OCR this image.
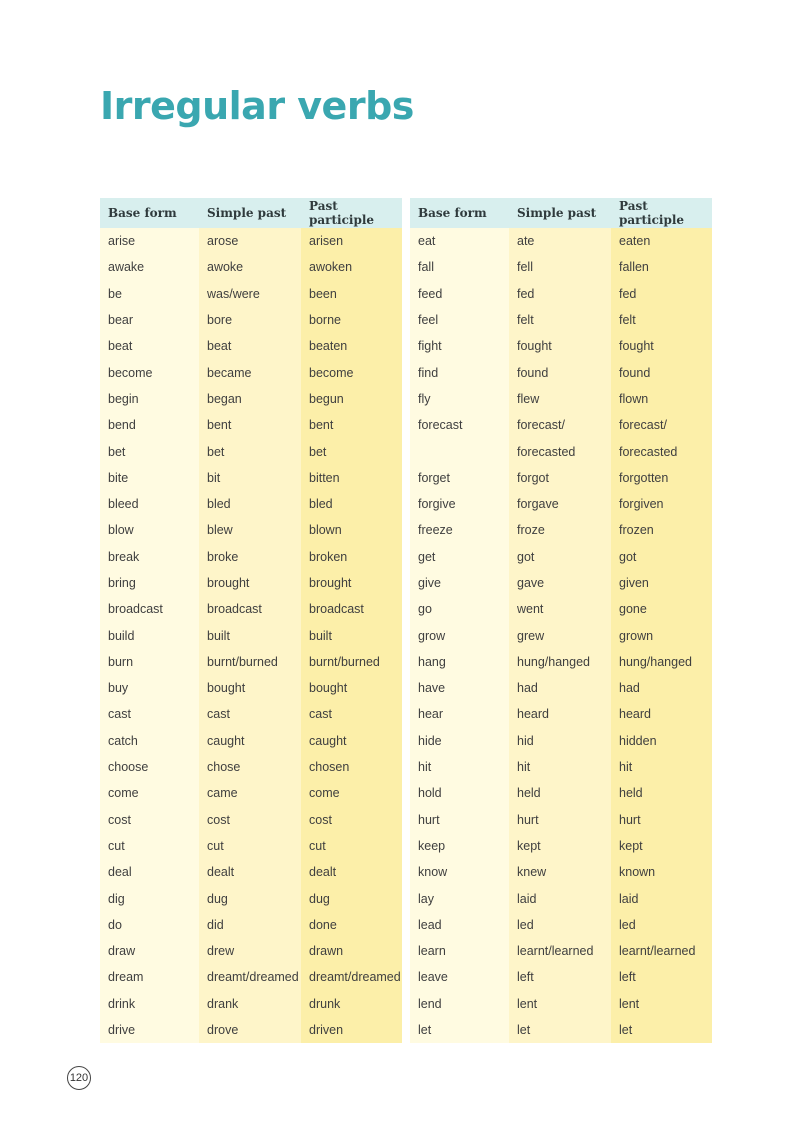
Irregular verbs
Base form	Simple past	Past participle
arise	arose	arisen
awake	awoke	awoken
be	was/were	been
bear	bore	borne
beat	beat	beaten
become	became	become
begin	began	begun
bend	bent	bent
bet	bet	bet
bite	bit	bitten
bleed	bled	bled
blow	blew	blown
break	broke	broken
bring	brought	brought
broadcast	broadcast	broadcast
build	built	built
burn	burnt/burned	burnt/burned
buy	bought	bought
cast	cast	cast
catch	caught	caught
choose	chose	chosen
come	came	come
cost	cost	cost
cut	cut	cut
deal	dealt	dealt
dig	dug	dug
do	did	done
draw	drew	drawn
dream	dreamt/dreamed	dreamt/dreamed
drink	drank	drunk
drive	drove	driven
Base form	Simple past	Past participle
eat	ate	eaten
fall	fell	fallen
feed	fed	fed
feel	felt	felt
fight	fought	fought
find	found	found
fly	flew	flown
forecast	forecast/	forecast/
	forecasted	forecasted
forget	forgot	forgotten
forgive	forgave	forgiven
freeze	froze	frozen
get	got	got
give	gave	given
go	went	gone
grow	grew	grown
hang	hung/hanged	hung/hanged
have	had	had
hear	heard	heard
hide	hid	hidden
hit	hit	hit
hold	held	held
hurt	hurt	hurt
keep	kept	kept
know	knew	known
lay	laid	laid
lead	led	led
learn	learnt/learned	learnt/learned
leave	left	left
lend	lent	lent
let	let	let
120
